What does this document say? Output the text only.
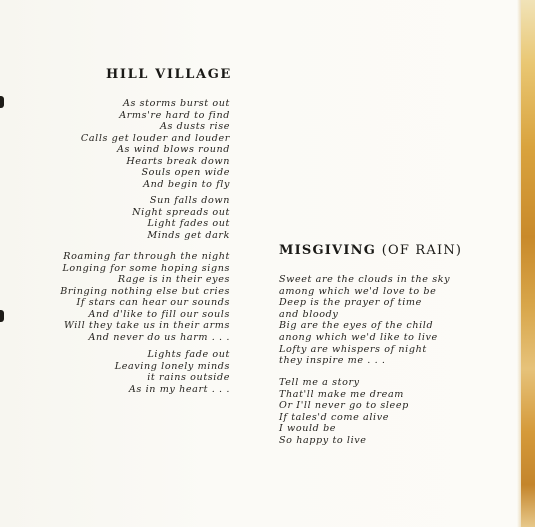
HILL VILLAGE
As storms burst out
Arms're hard to find
As dusts rise
Calls get louder and louder
As wind blows round
Hearts break down
Souls open wide
And begin to fly
Sun falls down
Night spreads out
Light fades out
Minds get dark
Roaming far through the night
Longing for some hoping signs
Rage is in their eyes
Bringing nothing else but cries
If stars can hear our sounds
And d'like to fill our souls
Will they take us in their arms
And never do us harm . . .
Lights fade out
Leaving lonely minds
it rains outside
As in my heart . . .
MISGIVING (OF RAIN)
Sweet are the clouds in the sky
among which we'd love to be
Deep is the prayer of time
and bloody
Big are the eyes of the child
anong which we'd like to live
Lofty are whispers of night
they inspire me . . .
Tell me a story
That'll make me dream
Or I'll never go to sleep
If tales'd come alive
I would be
So happy to live
